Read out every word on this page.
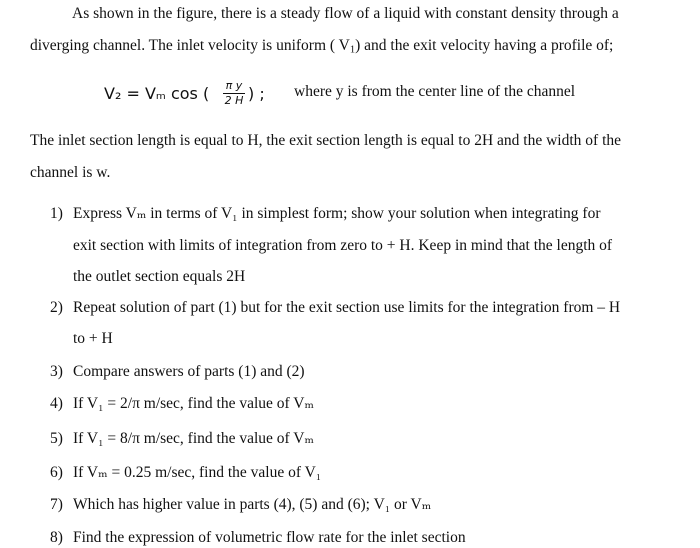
As shown in the figure, there is a steady flow of a liquid with constant density through a
diverging channel. The inlet velocity is uniform ( $V_1$) and the exit velocity having a profile of;
V₂ = Vₘ cos ( π y
2 H ) ; where y is from the center line of the channel
The inlet section length is equal to H, the exit section length is equal to 2H and the width of the
channel is w.
Express Vₘ in terms of V₁ in simplest form; show your solution when integrating for
exit section with limits of integration from zero to + H. Keep in mind that the length of
the outlet section equals 2H
1)
Repeat solution of part (1) but for the exit section use limits for the integration from – H
to + H
2)
Compare answers of parts (1) and (2)
3)
If V₁ = 2/π m/sec, find the value of Vₘ
4)
If V₁ = 8/π m/sec, find the value of Vₘ
5)
If Vₘ = 0.25 m/sec, find the value of V₁
6)
Which has higher value in parts (4), (5) and (6); V₁ or Vₘ
7)
Find the expression of volumetric flow rate for the inlet section
8)
